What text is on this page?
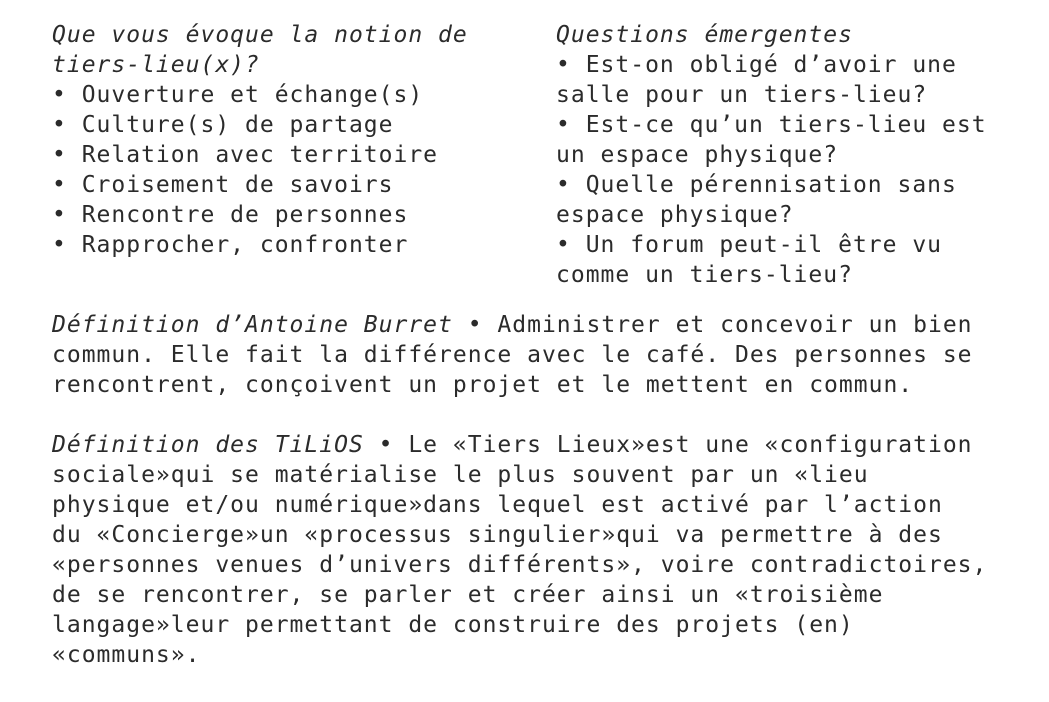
Que vous évoque la notion de
tiers-lieu(x)?
• Ouverture et échange(s)
• Culture(s) de partage
• Relation avec territoire
• Croisement de savoirs
• Rencontre de personnes
• Rapprocher, confronter
Questions émergentes
• Est-on obligé d’avoir une
salle pour un tiers-lieu?
• Est-ce qu’un tiers-lieu est
un espace physique?
• Quelle pérennisation sans
espace physique?
• Un forum peut-il être vu
comme un tiers-lieu?
Définition d’Antoine Burret • Administrer et concevoir un bien
commun. Elle fait la différence avec le café. Des personnes se
rencontrent, conçoivent un projet et le mettent en commun.
Définition des TiLiOS • Le «Tiers Lieux»est une «configuration
sociale»qui se matérialise le plus souvent par un «lieu
physique et/ou numérique»dans lequel est activé par l’action
du «Concierge»un «processus singulier»qui va permettre à des
«personnes venues d’univers différents», voire contradictoires,
de se rencontrer, se parler et créer ainsi un «troisième
langage»leur permettant de construire des projets (en)
«communs».
